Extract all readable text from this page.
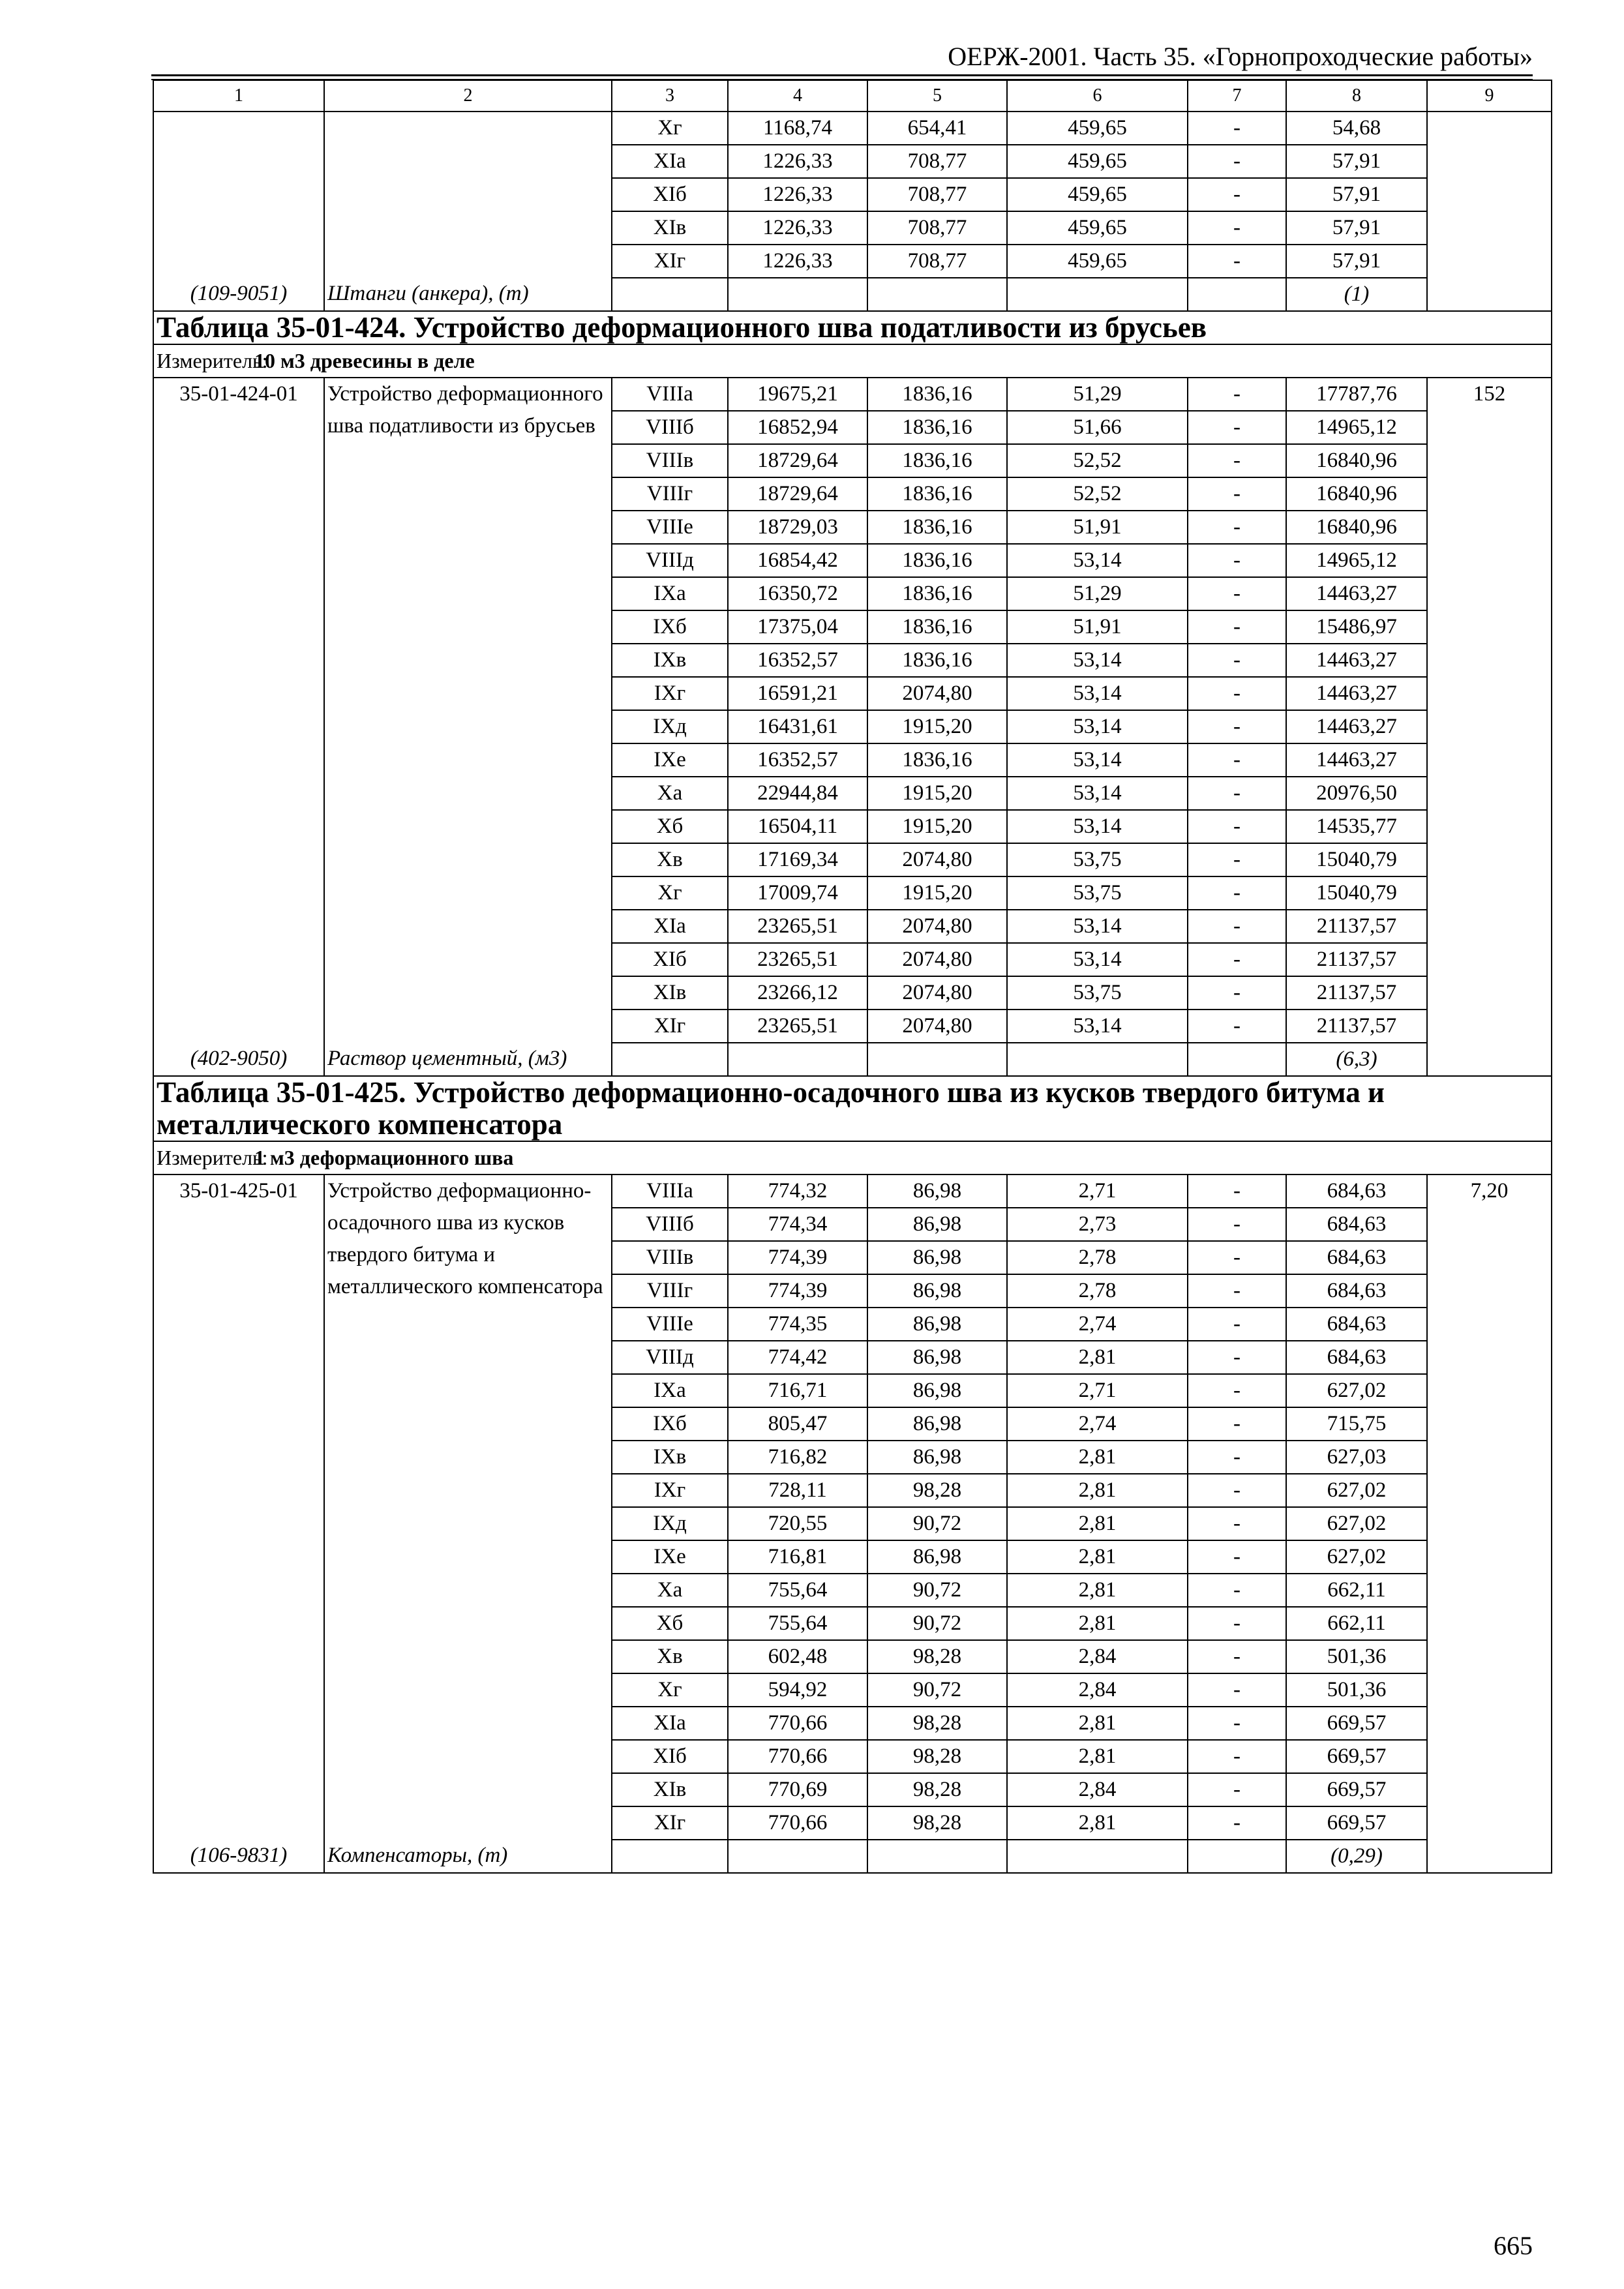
ОЕРЖ-2001. Часть 35. «Горнопроходческие работы»
1	2	3	4	5	6	7	8	9
		Xг	1168,74	654,41	459,65	-	54,68	
		XIа	1226,33	708,77	459,65	-	57,91	
		XIб	1226,33	708,77	459,65	-	57,91	
		XIв	1226,33	708,77	459,65	-	57,91	
		XIг	1226,33	708,77	459,65	-	57,91	
(109-9051)	Штанги (анкера), (т)						(1)	
Таблица 35-01-424. Устройство деформационного шва податливости из брусьев								
Измеритель:10 м3 древесины в деле								
35-01-424-01	Устройство деформационного шва податливости из брусьев	VIIIа	19675,21	1836,16	51,29	-	17787,76	152
		VIIIб	16852,94	1836,16	51,66	-	14965,12	
		VIIIв	18729,64	1836,16	52,52	-	16840,96	
		VIIIг	18729,64	1836,16	52,52	-	16840,96	
		VIIIе	18729,03	1836,16	51,91	-	16840,96	
		VIIIд	16854,42	1836,16	53,14	-	14965,12	
		IXа	16350,72	1836,16	51,29	-	14463,27	
		IXб	17375,04	1836,16	51,91	-	15486,97	
		IXв	16352,57	1836,16	53,14	-	14463,27	
		IXг	16591,21	2074,80	53,14	-	14463,27	
		IXд	16431,61	1915,20	53,14	-	14463,27	
		IXе	16352,57	1836,16	53,14	-	14463,27	
		Xа	22944,84	1915,20	53,14	-	20976,50	
		Xб	16504,11	1915,20	53,14	-	14535,77	
		Xв	17169,34	2074,80	53,75	-	15040,79	
		Xг	17009,74	1915,20	53,75	-	15040,79	
		XIа	23265,51	2074,80	53,14	-	21137,57	
		XIб	23265,51	2074,80	53,14	-	21137,57	
		XIв	23266,12	2074,80	53,75	-	21137,57	
		XIг	23265,51	2074,80	53,14	-	21137,57	
(402-9050)	Раствор цементный, (м3)						(6,3)	
Таблица 35-01-425. Устройство деформационно-осадочного шва из кусков твердого битума и металлического компенсатора								
Измеритель:1 м3 деформационного шва								
35-01-425-01	Устройство деформационно-осадочного шва из кусков твердого битума и металлического компенсатора	VIIIа	774,32	86,98	2,71	-	684,63	7,20
		VIIIб	774,34	86,98	2,73	-	684,63	
		VIIIв	774,39	86,98	2,78	-	684,63	
		VIIIг	774,39	86,98	2,78	-	684,63	
		VIIIе	774,35	86,98	2,74	-	684,63	
		VIIIд	774,42	86,98	2,81	-	684,63	
		IXа	716,71	86,98	2,71	-	627,02	
		IXб	805,47	86,98	2,74	-	715,75	
		IXв	716,82	86,98	2,81	-	627,03	
		IXг	728,11	98,28	2,81	-	627,02	
		IXд	720,55	90,72	2,81	-	627,02	
		IXе	716,81	86,98	2,81	-	627,02	
		Xа	755,64	90,72	2,81	-	662,11	
		Xб	755,64	90,72	2,81	-	662,11	
		Xв	602,48	98,28	2,84	-	501,36	
		Xг	594,92	90,72	2,84	-	501,36	
		XIа	770,66	98,28	2,81	-	669,57	
		XIб	770,66	98,28	2,81	-	669,57	
		XIв	770,69	98,28	2,84	-	669,57	
		XIг	770,66	98,28	2,81	-	669,57	
(106-9831)	Компенсаторы, (т)						(0,29)	
665
